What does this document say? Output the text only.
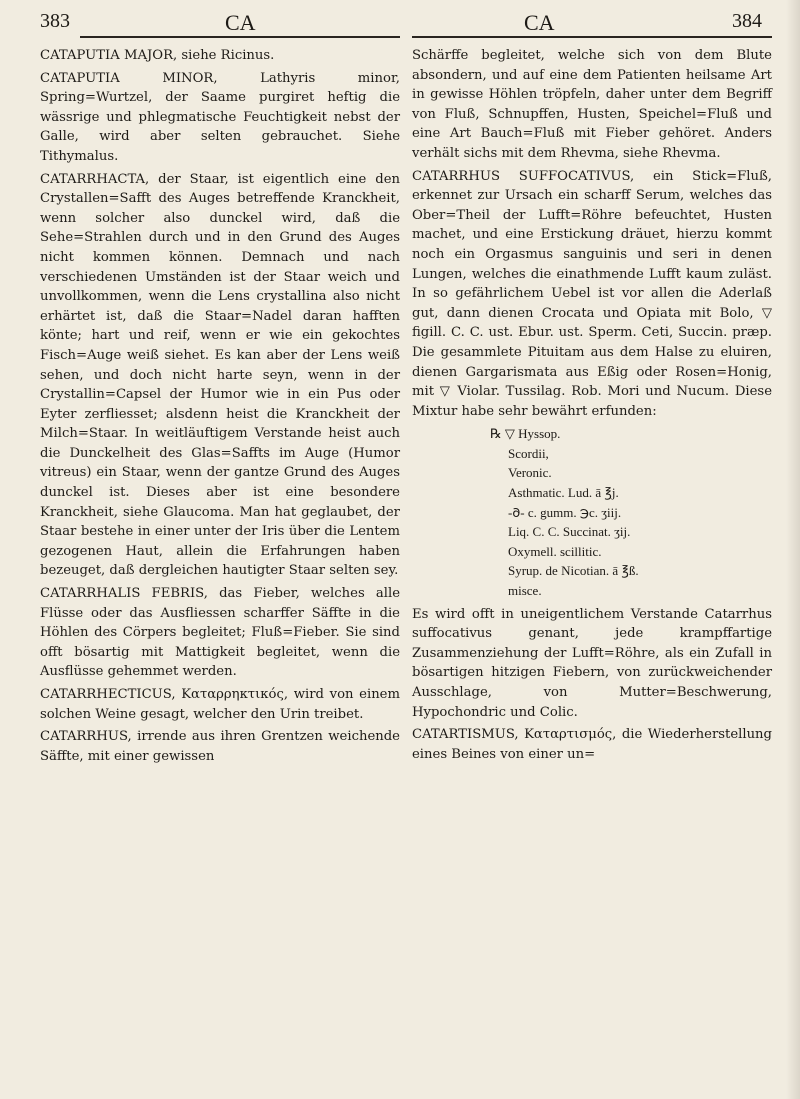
383	CA	CA	384

CATAPUTIA MAJOR, siehe Ricinus.

CATAPUTIA MINOR, Lathyris minor, Spring=Wurtzel, der Saame purgiret heftig die wässrige und phlegmatische Feuchtigkeit nebst der Galle, wird aber selten gebrauchet. Siehe Tithymalus.

CATARRHACTA, der Staar, ist eigentlich eine den Crystallen=Safft des Auges betreffende Kranckheit, wenn solcher also dunckel wird, daß die Sehe=Strahlen durch und in den Grund des Auges nicht kommen können. Demnach und nach verschiedenen Umständen ist der Staar weich und unvollkommen, wenn die Lens crystallina also nicht erhärtet ist, daß die Staar=Nadel daran hafften könte; hart und reif, wenn er wie ein gekochtes Fisch=Auge weiß siehet. Es kan aber der Lens weiß sehen, und doch nicht harte seyn, wenn in der Crystallin=Capsel der Humor wie in ein Pus oder Eyter zerfliesset; alsdenn heist die Kranckheit der Milch=Staar. In weitläuftigem Verstande heist auch die Dunckelheit des Glas=Saffts im Auge (Humor vitreus) ein Staar, wenn der gantze Grund des Auges dunckel ist. Dieses aber ist eine besondere Kranckheit, siehe Glaucoma. Man hat geglaubet, der Staar bestehe in einer unter der Iris über die Lentem gezogenen Haut, allein die Erfahrungen haben bezeuget, daß dergleichen hautigter Staar selten sey.

CATARRHALIS FEBRIS, das Fieber, welches alle Flüsse oder das Ausfliessen scharffer Säffte in die Höhlen des Cörpers begleitet; Fluß=Fieber. Sie sind offt bösartig mit Mattigkeit begleitet, wenn die Ausflüsse gehemmet werden.

CATARRHECTICUS, Καταρρηκτικός, wird von einem solchen Weine gesagt, welcher den Urin treibet.

CATARRHUS, irrende aus ihren Grentzen weichende Säffte, mit einer gewissen

Schärffe begleitet, welche sich von dem Blute absondern, und auf eine dem Patienten heilsame Art in gewisse Höhlen tröpfeln, daher unter dem Begriff von Fluß, Schnupffen, Husten, Speichel=Fluß und eine Art Bauch=Fluß mit Fieber gehöret. Anders verhält sichs mit dem Rhevma, siehe Rhevma.

CATARRHUS SUFFOCATIVUS, ein Stick=Fluß, erkennet zur Ursach ein scharff Serum, welches das Ober=Theil der Lufft=Röhre befeuchtet, Husten machet, und eine Erstickung dräuet, hierzu kommt noch ein Orgasmus sanguinis und seri in denen Lungen, welches die einathmende Lufft kaum zuläst. In so gefährlichem Uebel ist vor allen die Aderlaß gut, dann dienen Crocata und Opiata mit Bolo, ▽ figill. C. C. ust. Ebur. ust. Sperm. Ceti, Succin. præp. Die gesammlete Pituitam aus dem Halse zu eluiren, dienen Gargarismata aus Eßig oder Rosen=Honig, mit ▽ Violar. Tussilag. Rob. Mori und Nucum. Diese Mixtur habe sehr bewährt erfunden:

℞ ▽ Hyssop.
Scordii,
Veronic.
Asthmatic. Lud. ā ℥j.
-𐐀- c. gumm. ℈c. ʒiij.
Liq. C. C. Succinat. ʒij.
Oxymell. scillitic.
Syrup. de Nicotian. ā ℥ß.
misce.

Es wird offt in uneigentlichem Verstande Catarrhus suffocativus genant, jede krampffartige Zusammenziehung der Lufft=Röhre, als ein Zufall in bösartigen hitzigen Fiebern, von zurückweichender Ausschlage, von Mutter=Beschwerung, Hypochondric und Colic.

CATARTISMUS, Καταρτισμός, die Wiederherstellung eines Beines von einer un=
